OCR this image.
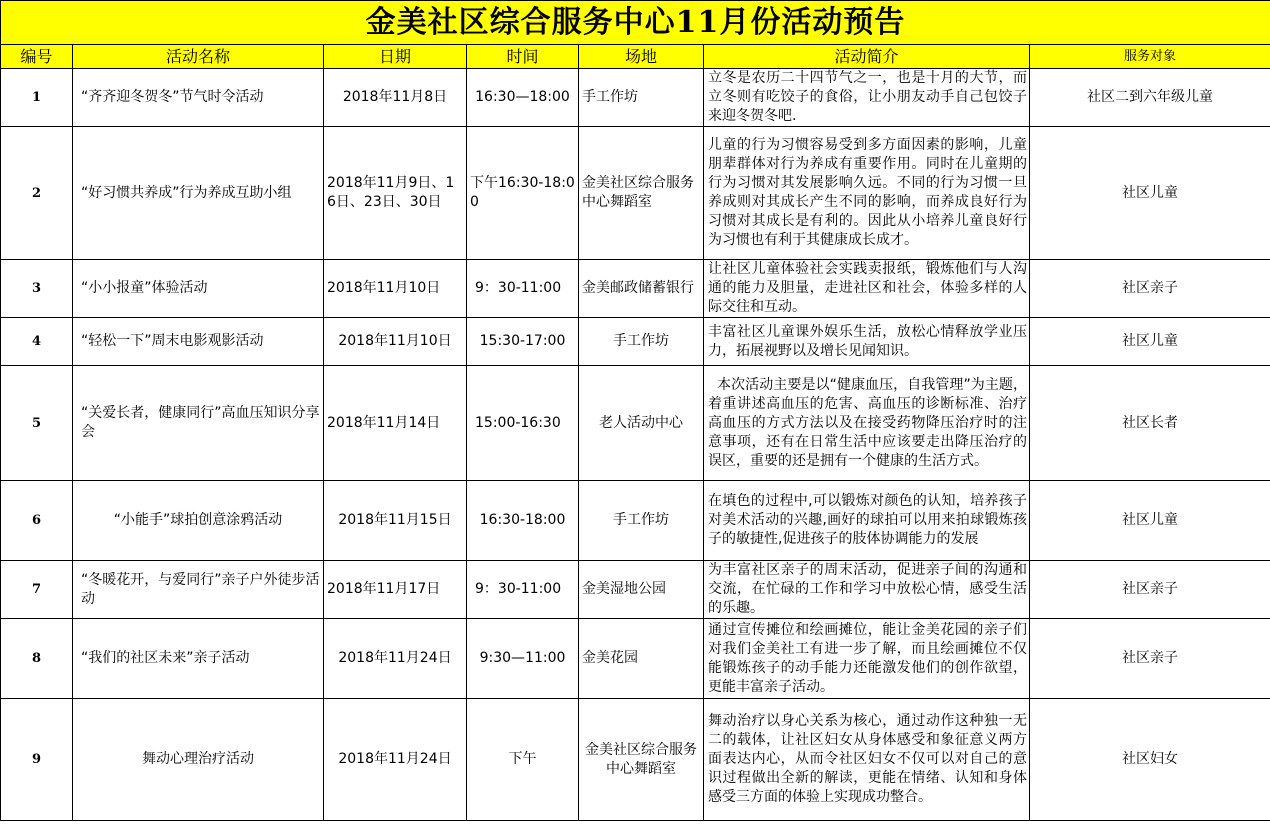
金美社区综合服务中心11月份活动预告						
编号	活动名称	日期	时间	场地	活动简介	服务对象
1	“齐齐迎冬贺冬”节气时令活动	2018年11月8日	16:30—18:00	手工作坊	立冬是农历二十四节气之一，也是十月的大节，而立冬则有吃饺子的食俗，让小朋友动手自己包饺子来迎冬贺冬吧.	社区二到六年级儿童
2	“好习惯共养成”行为养成互助小组	2018年11月9日、16日、23日、30日	下午16:30-18:00	金美社区综合服务中心舞蹈室	儿童的行为习惯容易受到多方面因素的影响，儿童朋辈群体对行为养成有重要作用。同时在儿童期的行为习惯对其发展影响久远。不同的行为习惯一旦养成则对其成长产生不同的影响，而养成良好行为习惯对其成长是有利的。因此从小培养儿童良好行为习惯也有利于其健康成长成才。	社区儿童
3	“小小报童”体验活动	2018年11月10日	9：30-11:00	金美邮政储蓄银行	让社区儿童体验社会实践卖报纸，锻炼他们与人沟通的能力及胆量，走进社区和社会，体验多样的人际交往和互动。	社区亲子
4	“轻松一下”周末电影观影活动	2018年11月10日	15:30-17:00	手工作坊	丰富社区儿童课外娱乐生活，放松心情释放学业压力，拓展视野以及增长见闻知识。	社区儿童
5	“关爱长者，健康同行”高血压知识分享会	2018年11月14日	15:00-16:30	老人活动中心	本次活动主要是以“健康血压，自我管理”为主题，着重讲述高血压的危害、高血压的诊断标准、治疗高血压的方式方法以及在接受药物降压治疗时的注意事项，还有在日常生活中应该要走出降压治疗的误区，重要的还是拥有一个健康的生活方式。	社区长者
6	“小能手”球拍创意涂鸦活动	2018年11月15日	16:30-18:00	手工作坊	在填色的过程中,可以锻炼对颜色的认知，培养孩子对美术活动的兴趣,画好的球拍可以用来拍球锻炼孩子的敏捷性,促进孩子的肢体协调能力的发展	社区儿童
7	“冬暖花开，与爱同行”亲子户外徒步活动	2018年11月17日	9：30-11:00	金美湿地公园	为丰富社区亲子的周末活动，促进亲子间的沟通和交流，在忙碌的工作和学习中放松心情，感受生活的乐趣。	社区亲子
8	“我们的社区未来”亲子活动	2018年11月24日	9:30—11:00	金美花园	通过宣传摊位和绘画摊位，能让金美花园的亲子们对我们金美社工有进一步了解，而且绘画摊位不仅能锻炼孩子的动手能力还能激发他们的创作欲望，更能丰富亲子活动。	社区亲子
9	舞动心理治疗活动	2018年11月24日	下午	金美社区综合服务中心舞蹈室	舞动治疗以身心关系为核心，通过动作这种独一无二的载体，让社区妇女从身体感受和象征意义两方面表达内心，从而令社区妇女不仅可以对自己的意识过程做出全新的解读，更能在情绪、认知和身体感受三方面的体验上实现成功整合。	社区妇女
